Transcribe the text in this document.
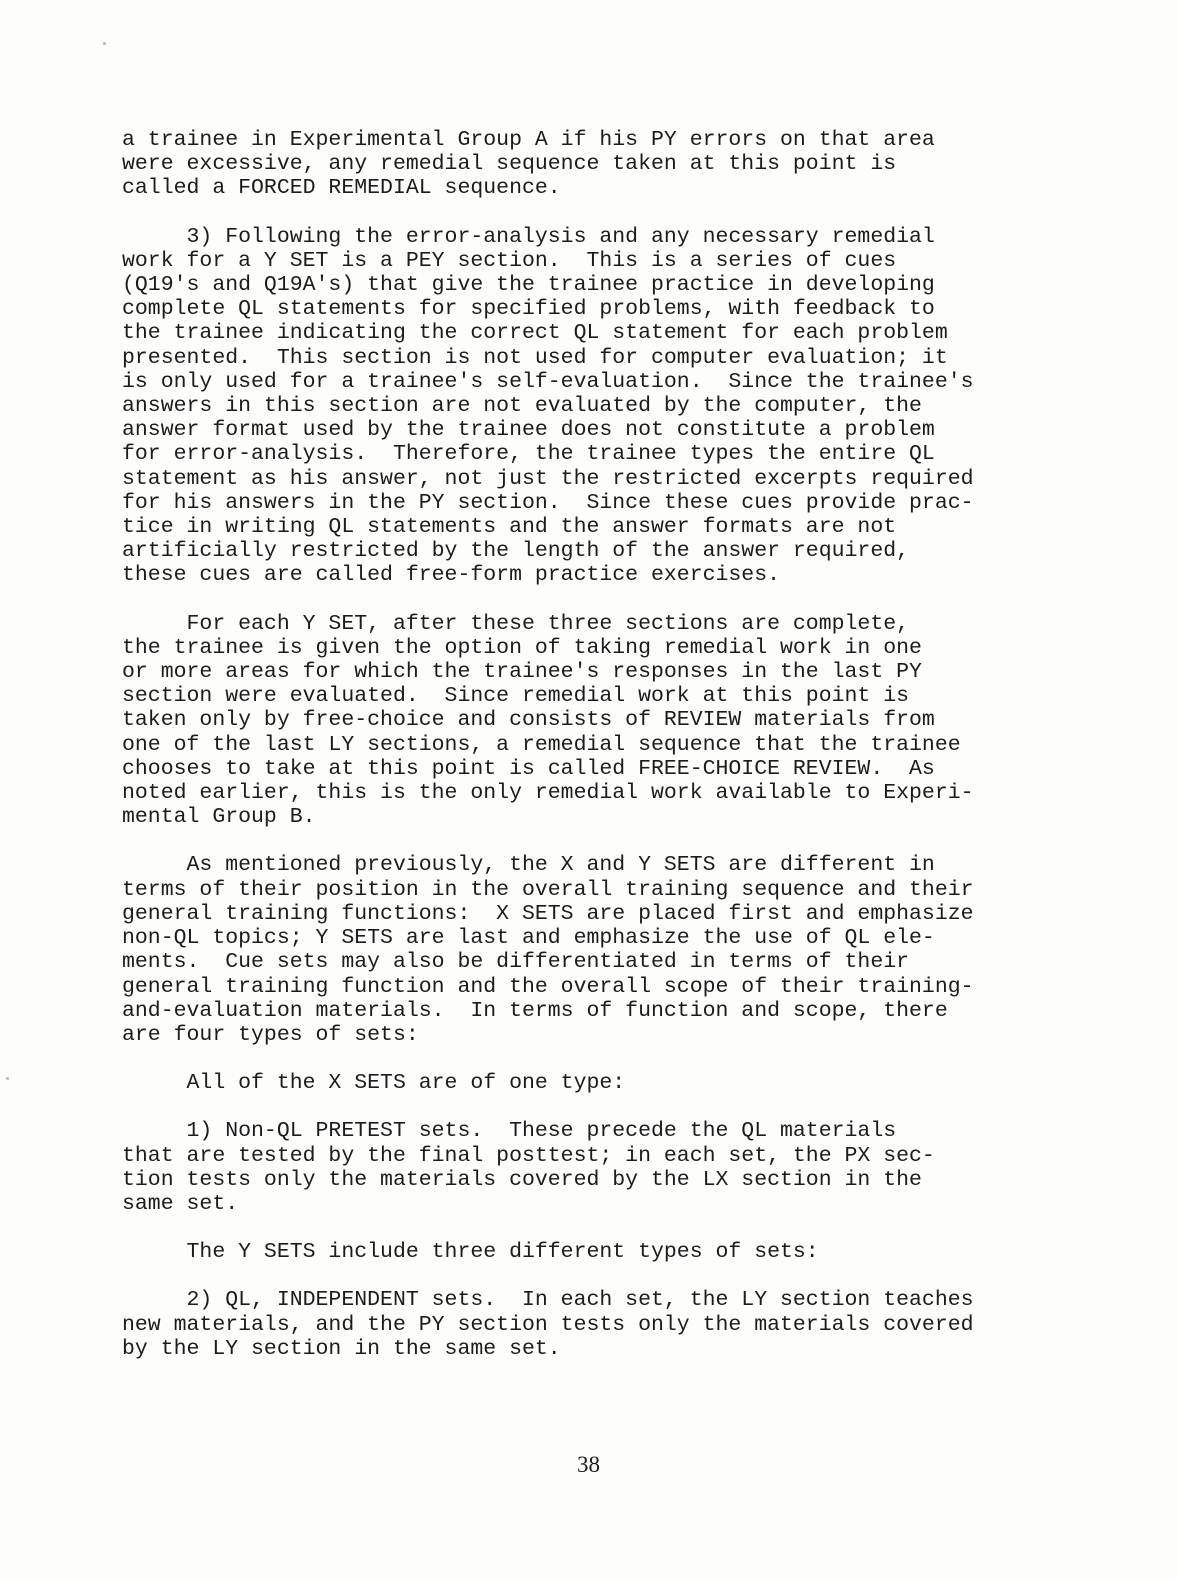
a trainee in Experimental Group A if his PY errors on that area
were excessive, any remedial sequence taken at this point is
called a FORCED REMEDIAL sequence.

3) Following the error-analysis and any necessary remedial
work for a Y SET is a PEY section.  This is a series of cues
(Q19's and Q19A's) that give the trainee practice in developing
complete QL statements for specified problems, with feedback to
the trainee indicating the correct QL statement for each problem
presented.  This section is not used for computer evaluation; it
is only used for a trainee's self-evaluation.  Since the trainee's
answers in this section are not evaluated by the computer, the
answer format used by the trainee does not constitute a problem
for error-analysis.  Therefore, the trainee types the entire QL
statement as his answer, not just the restricted excerpts required
for his answers in the PY section.  Since these cues provide prac-
tice in writing QL statements and the answer formats are not
artificially restricted by the length of the answer required,
these cues are called free-form practice exercises.

For each Y SET, after these three sections are complete,
the trainee is given the option of taking remedial work in one
or more areas for which the trainee's responses in the last PY
section were evaluated.  Since remedial work at this point is
taken only by free-choice and consists of REVIEW materials from
one of the last LY sections, a remedial sequence that the trainee
chooses to take at this point is called FREE-CHOICE REVIEW.  As
noted earlier, this is the only remedial work available to Experi-
mental Group B.

As mentioned previously, the X and Y SETS are different in
terms of their position in the overall training sequence and their
general training functions:  X SETS are placed first and emphasize
non-QL topics; Y SETS are last and emphasize the use of QL ele-
ments.  Cue sets may also be differentiated in terms of their
general training function and the overall scope of their training-
and-evaluation materials.  In terms of function and scope, there
are four types of sets:

All of the X SETS are of one type:

1) Non-QL PRETEST sets.  These precede the QL materials
that are tested by the final posttest; in each set, the PX sec-
tion tests only the materials covered by the LX section in the
same set.

The Y SETS include three different types of sets:

2) QL, INDEPENDENT sets.  In each set, the LY section teaches
new materials, and the PY section tests only the materials covered
by the LY section in the same set.

38
